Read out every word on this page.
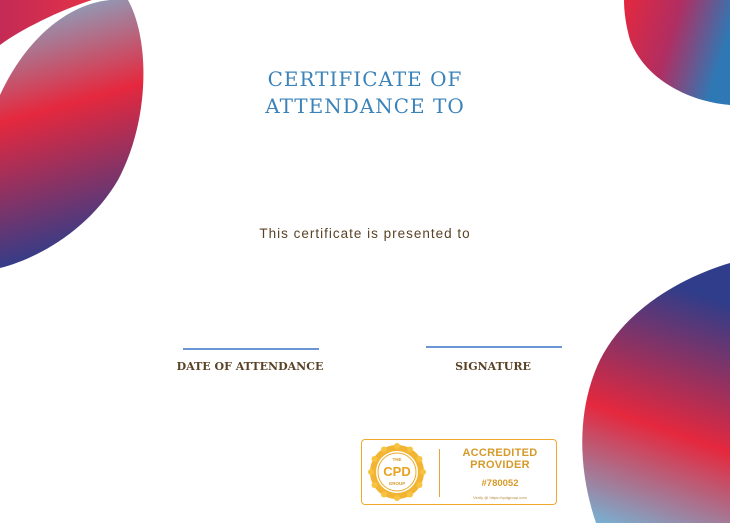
CERTIFICATE OF
ATTENDANCE TO
This certificate is presented to
DATE OF ATTENDANCE	SIGNATURE
THE
CPD
GROUP
ACCREDITED
PROVIDER
#780052
Verify @ https://cpdgroup.com
